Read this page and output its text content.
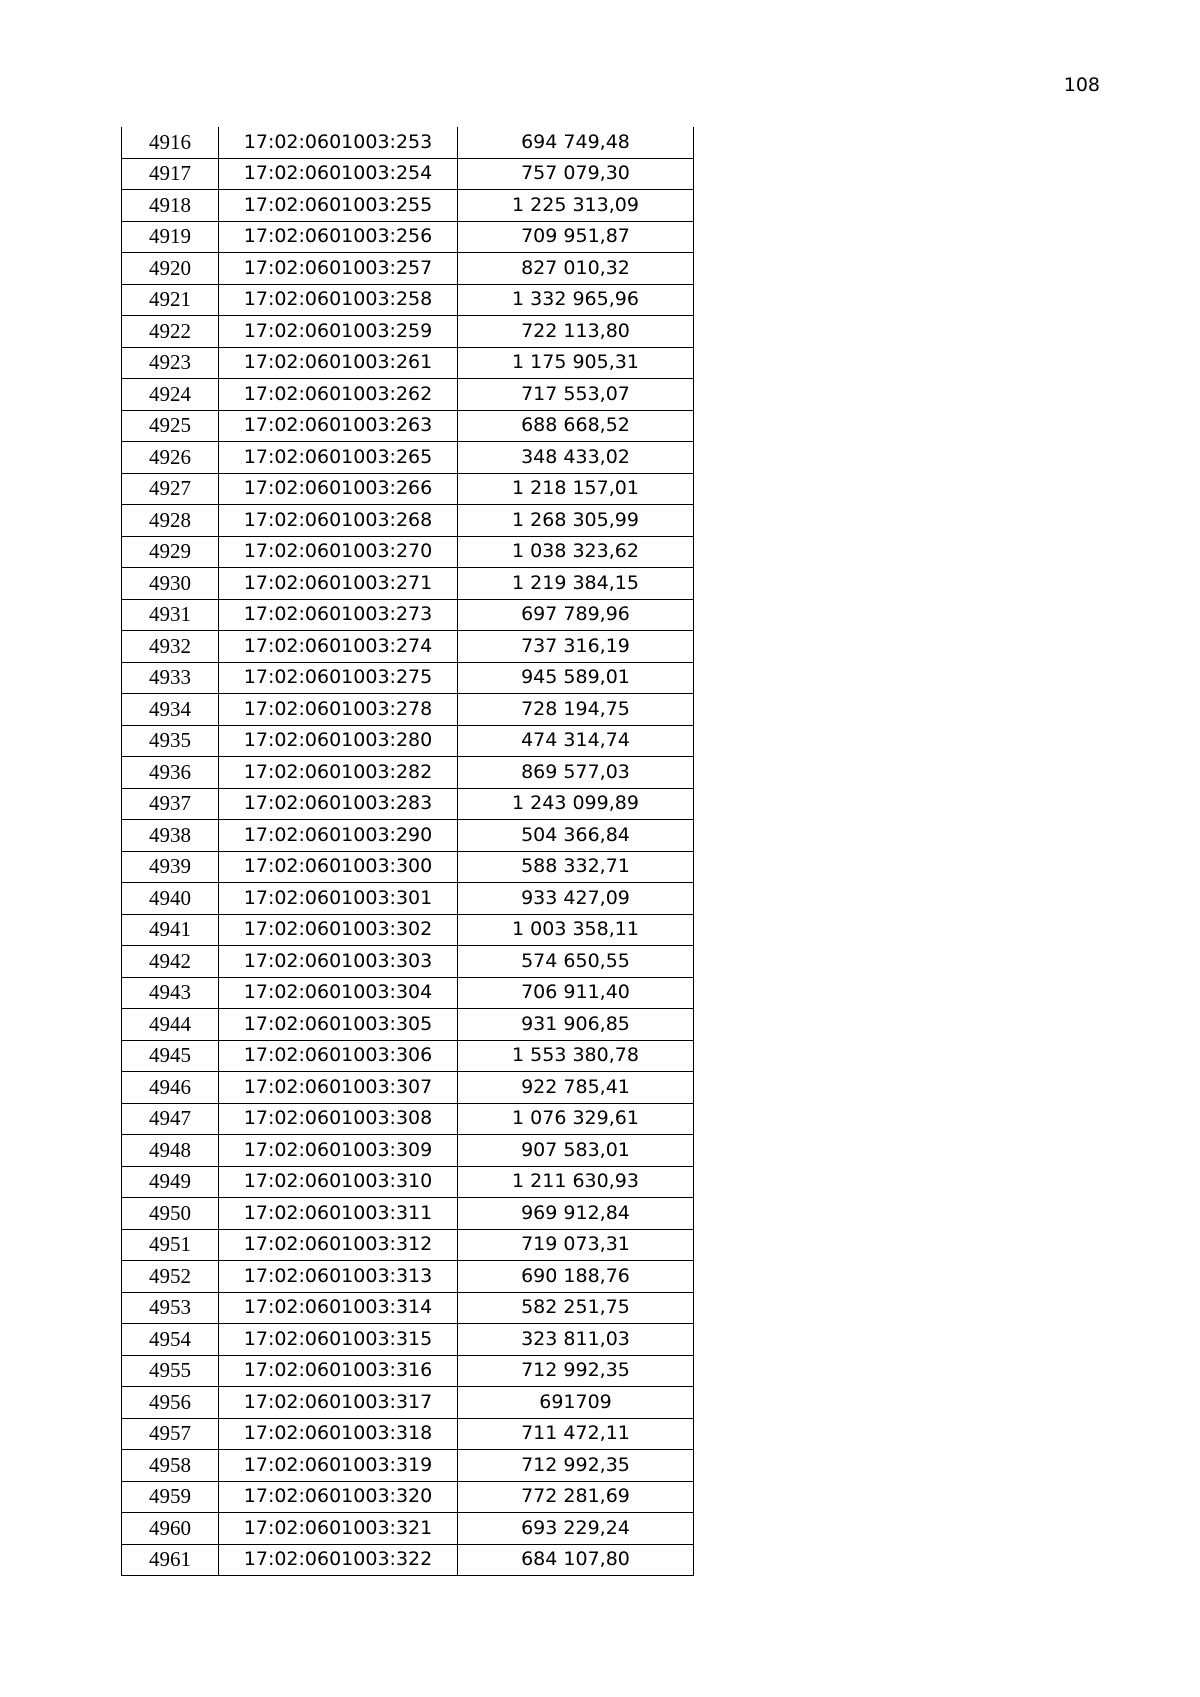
108
4916	17:02:0601003:253	694 749,48
4917	17:02:0601003:254	757 079,30
4918	17:02:0601003:255	1 225 313,09
4919	17:02:0601003:256	709 951,87
4920	17:02:0601003:257	827 010,32
4921	17:02:0601003:258	1 332 965,96
4922	17:02:0601003:259	722 113,80
4923	17:02:0601003:261	1 175 905,31
4924	17:02:0601003:262	717 553,07
4925	17:02:0601003:263	688 668,52
4926	17:02:0601003:265	348 433,02
4927	17:02:0601003:266	1 218 157,01
4928	17:02:0601003:268	1 268 305,99
4929	17:02:0601003:270	1 038 323,62
4930	17:02:0601003:271	1 219 384,15
4931	17:02:0601003:273	697 789,96
4932	17:02:0601003:274	737 316,19
4933	17:02:0601003:275	945 589,01
4934	17:02:0601003:278	728 194,75
4935	17:02:0601003:280	474 314,74
4936	17:02:0601003:282	869 577,03
4937	17:02:0601003:283	1 243 099,89
4938	17:02:0601003:290	504 366,84
4939	17:02:0601003:300	588 332,71
4940	17:02:0601003:301	933 427,09
4941	17:02:0601003:302	1 003 358,11
4942	17:02:0601003:303	574 650,55
4943	17:02:0601003:304	706 911,40
4944	17:02:0601003:305	931 906,85
4945	17:02:0601003:306	1 553 380,78
4946	17:02:0601003:307	922 785,41
4947	17:02:0601003:308	1 076 329,61
4948	17:02:0601003:309	907 583,01
4949	17:02:0601003:310	1 211 630,93
4950	17:02:0601003:311	969 912,84
4951	17:02:0601003:312	719 073,31
4952	17:02:0601003:313	690 188,76
4953	17:02:0601003:314	582 251,75
4954	17:02:0601003:315	323 811,03
4955	17:02:0601003:316	712 992,35
4956	17:02:0601003:317	691709
4957	17:02:0601003:318	711 472,11
4958	17:02:0601003:319	712 992,35
4959	17:02:0601003:320	772 281,69
4960	17:02:0601003:321	693 229,24
4961	17:02:0601003:322	684 107,80
